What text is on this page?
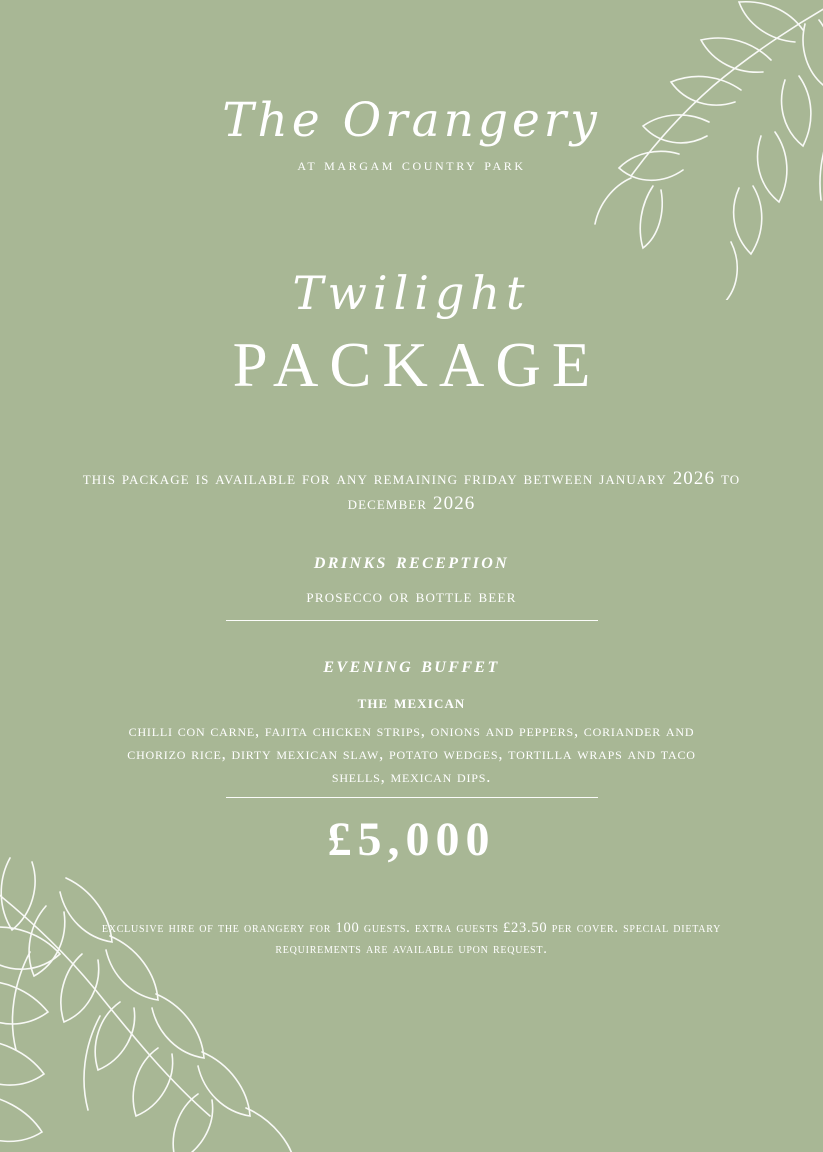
The Orangery
at margam country park
Twilight
PACKAGE
this package is available for any remaining friday between january 2026 to december 2026
drinks reception
prosecco or bottle beer
evening buffet
the mexican
chilli con carne, fajita chicken strips, onions and peppers, coriander and chorizo rice, dirty mexican slaw, potato wedges, tortilla wraps and taco shells, mexican dips.
£5,000
exclusive hire of the orangery for 100 guests. extra guests £23.50 per cover. special dietary requirements are available upon request.
